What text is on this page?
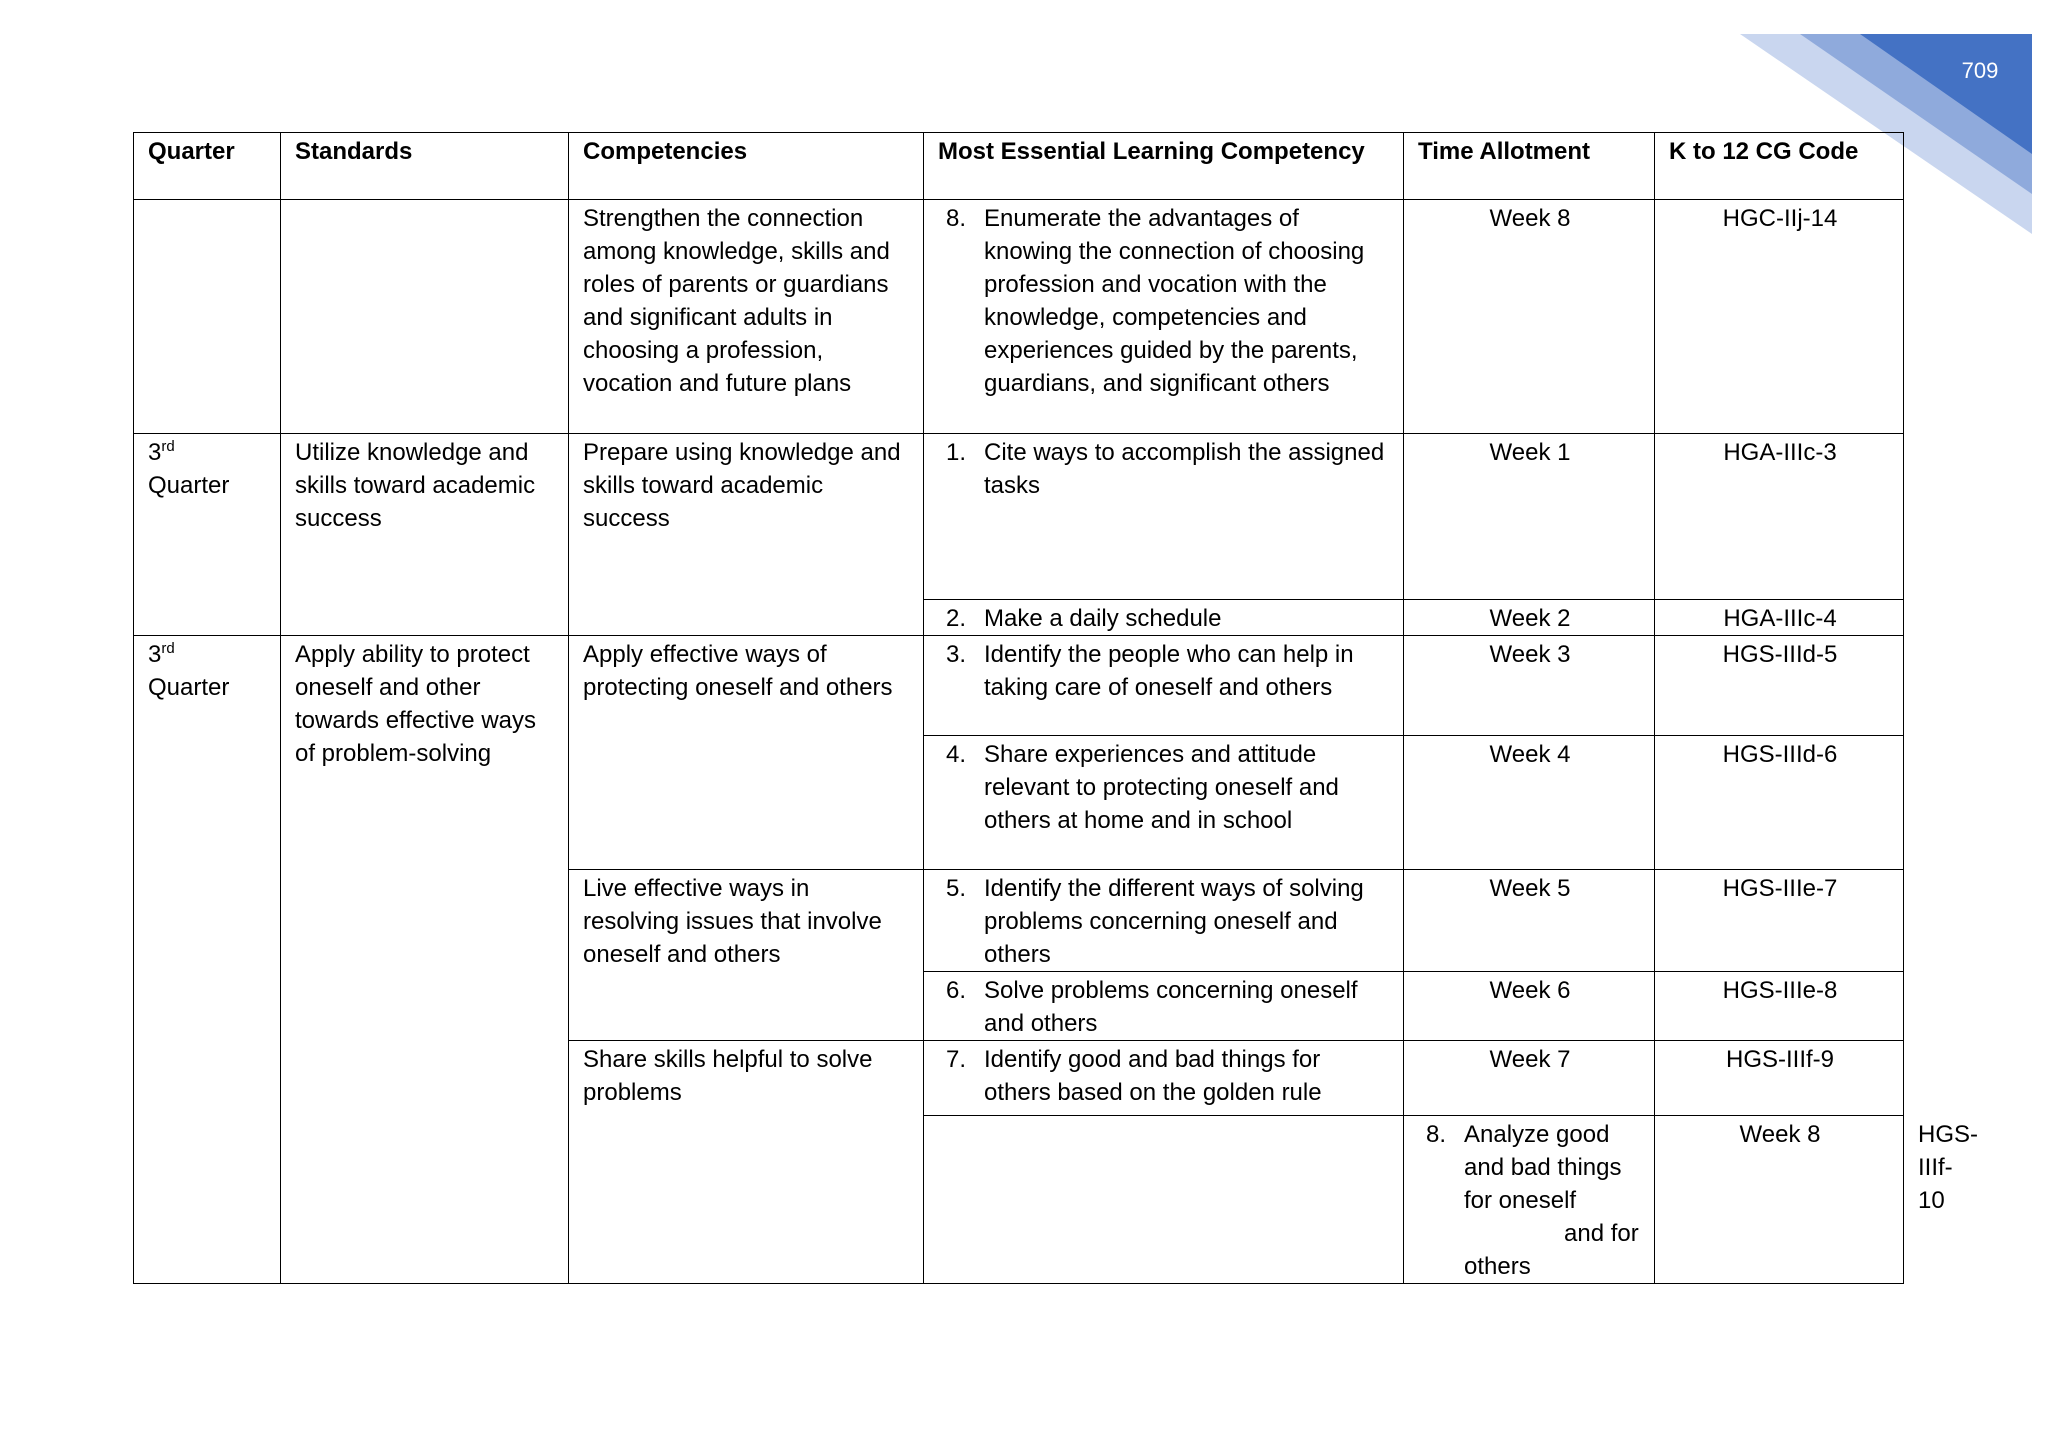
709
Quarter	Standards	Competencies	Most Essential Learning Competency	Time Allotment	K to 12 CG Code	
		Strengthen the connection among knowledge, skills and roles of parents or guardians and significant adults in choosing a profession, vocation and future plans	8. Enumerate the advantages of knowing the connection of choosing profession and vocation with the knowledge, competencies and experiences guided by the parents, guardians, and significant others	Week 8	HGC-IIj-14	
3rd
Quarter	Utilize knowledge and skills toward academic success	Prepare using knowledge and skills toward academic success	1. Cite ways to accomplish the assigned tasks	Week 1	HGA-IIIc-3	

			2. Make a daily schedule	Week 2	HGA-IIIc-4	
3rd
Quarter	Apply ability to protect oneself and other towards effective ways of problem-solving	Apply effective ways of protecting oneself and others	3. Identify the people who can help in taking care of oneself and others	Week 3	HGS-IIId-5	

			4. Share experiences and attitude relevant to protecting oneself and others at home and in school	Week 4	HGS-IIId-6	
		Live effective ways in resolving issues that involve oneself and others	5. Identify the different ways of solving problems concerning oneself and others	Week 5	HGS-IIIe-7	

			6. Solve problems concerning oneself and others	Week 6	HGS-IIIe-8	
		Share skills helpful to solve problems	7. Identify good and bad things for others based on the golden rule	Week 7	HGS-IIIf-9	

				8. Analyze good and bad things for oneselfand for others	Week 8	HGS-IIIf-10
